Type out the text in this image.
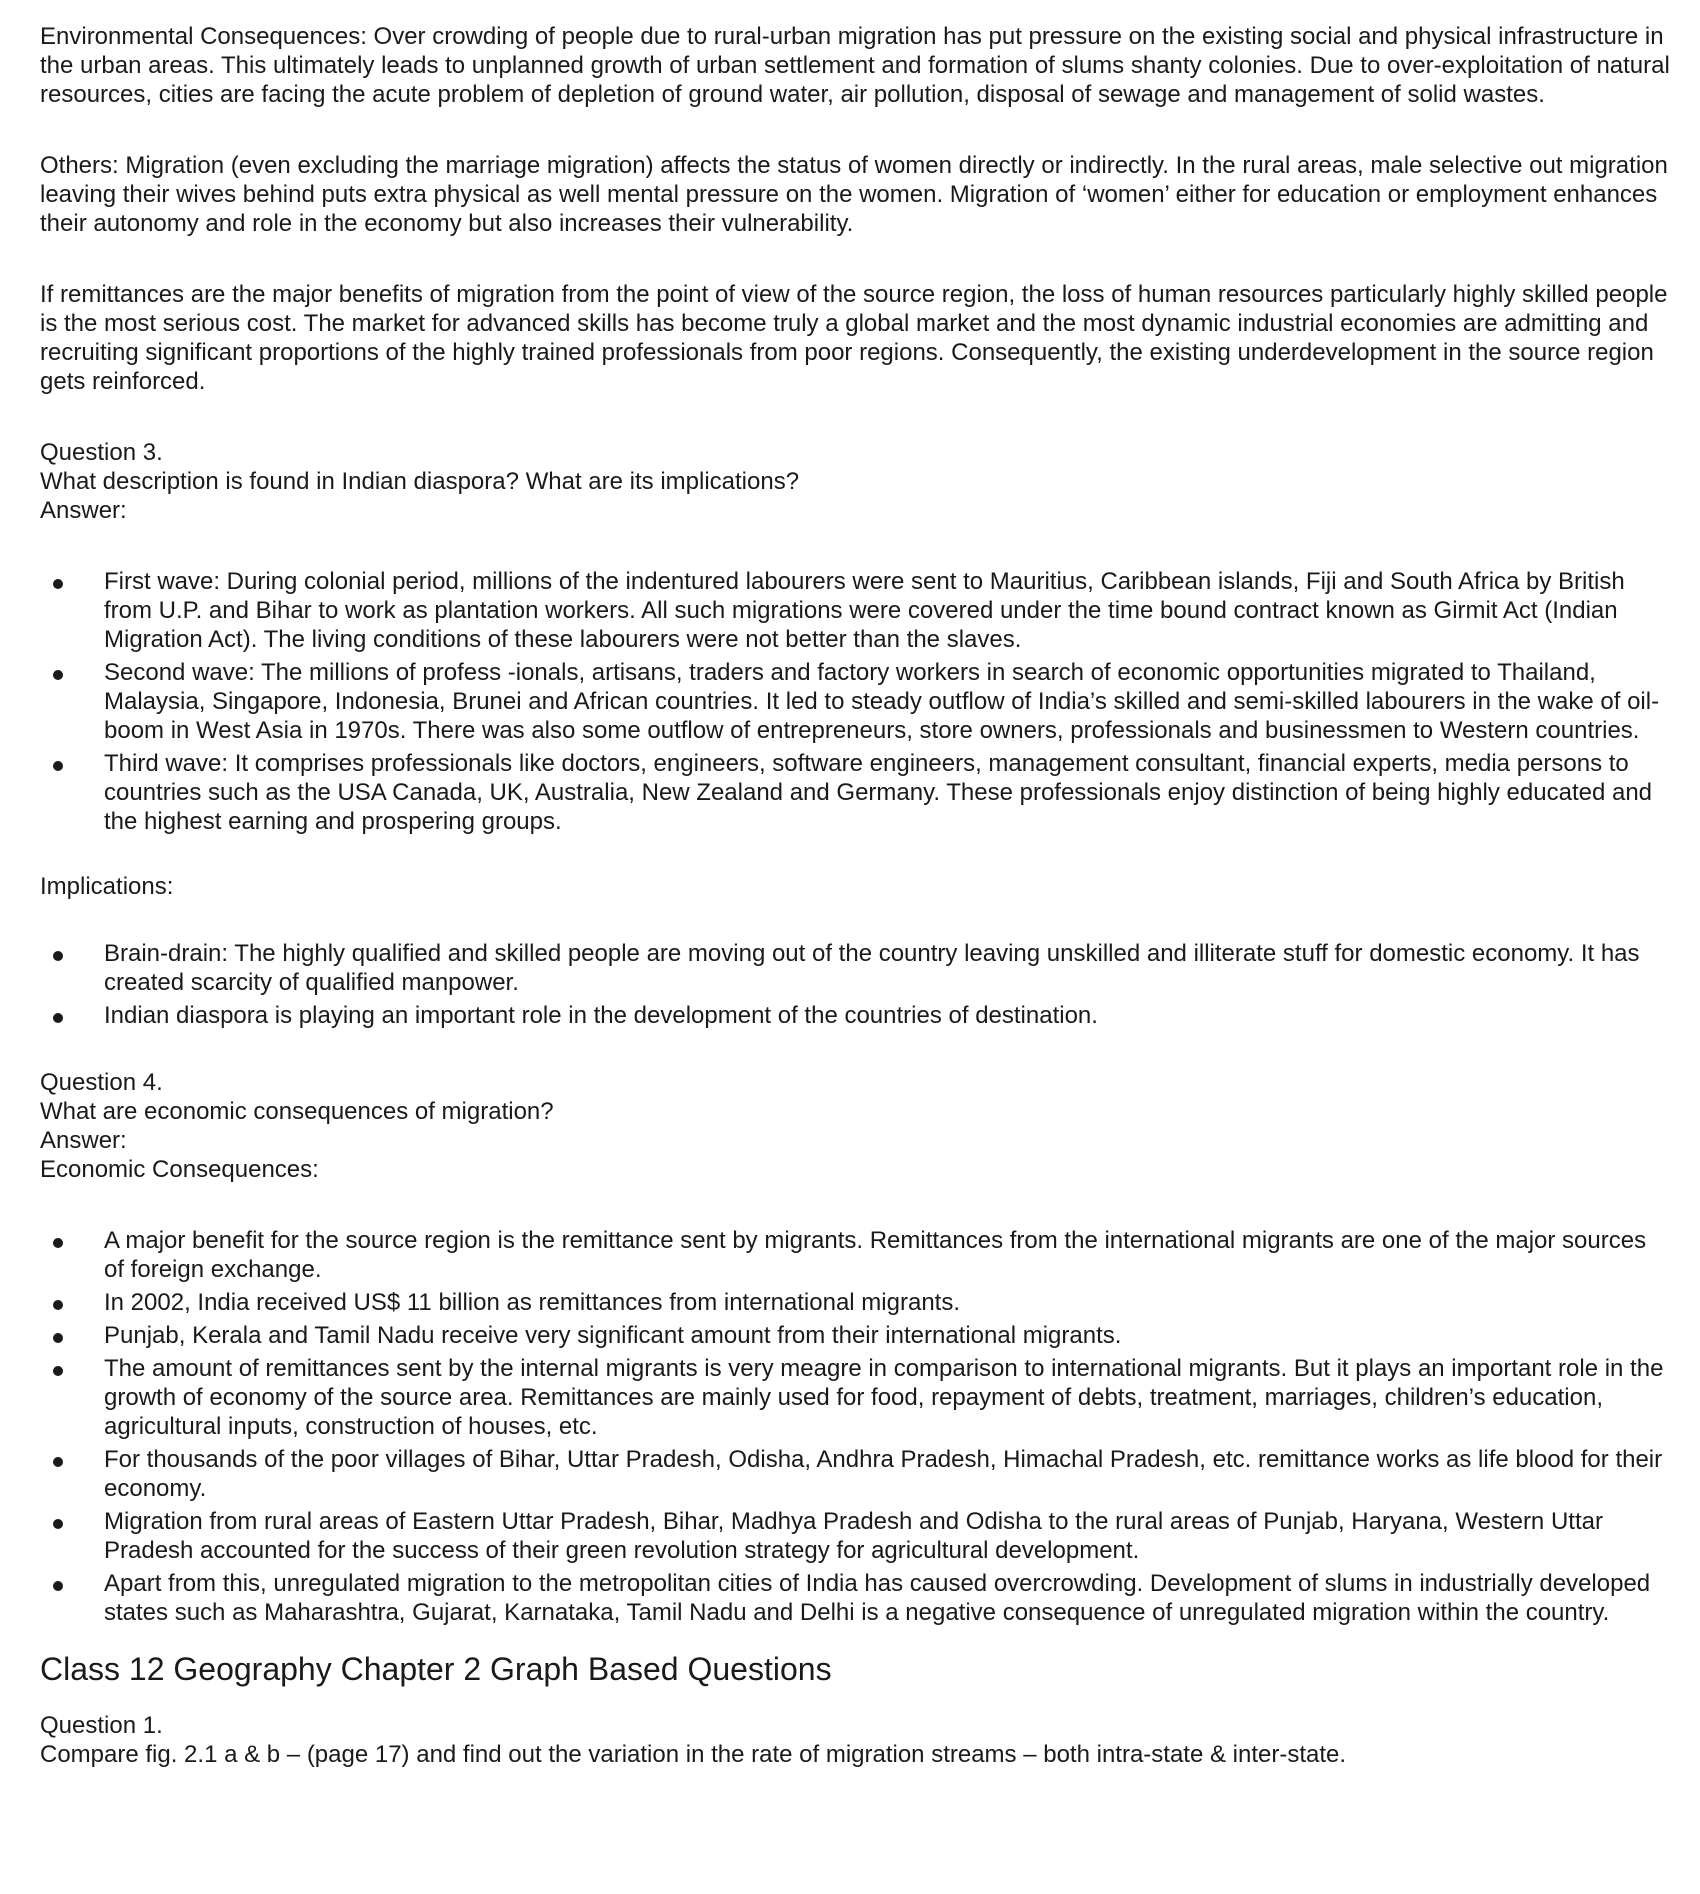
Environmental Consequences: Over crowding of people due to rural-urban migration has put pressure on the existing social and physical infrastructure in the urban areas. This ultimately leads to unplanned growth of urban settlement and formation of slums shanty colonies. Due to over-exploitation of natural resources, cities are facing the acute problem of depletion of ground water, air pollution, disposal of sewage and management of solid wastes.

Others: Migration (even excluding the marriage migration) affects the status of women directly or indirectly. In the rural areas, male selective out migration leaving their wives behind puts extra physical as well mental pressure on the women. Migration of ‘women’ either for education or employment enhances their autonomy and role in the economy but also increases their vulnerability.

If remittances are the major benefits of migration from the point of view of the source region, the loss of human resources particularly highly skilled people is the most serious cost. The market for advanced skills has become truly a global market and the most dynamic industrial economies are admitting and recruiting significant proportions of the highly trained professionals from poor regions. Consequently, the existing underdevelopment in the source region gets reinforced.

Question 3.

What description is found in Indian diaspora? What are its implications?

Answer:

First wave: During colonial period, millions of the indentured labourers were sent to Mauritius, Caribbean islands, Fiji and South Africa by British from U.P. and Bihar to work as plantation workers. All such migrations were covered under the time bound contract known as Girmit Act (Indian Migration Act). The living conditions of these labourers were not better than the slaves.
Second wave: The millions of profess -ionals, artisans, traders and factory workers in search of economic opportunities migrated to Thailand, Malaysia, Singapore, Indonesia, Brunei and African countries. It led to steady outflow of India’s skilled and semi-skilled labourers in the wake of oil-boom in West Asia in 1970s. There was also some outflow of entrepreneurs, store owners, professionals and businessmen to Western countries.
Third wave: It comprises professionals like doctors, engineers, software engineers, management consultant, financial experts, media persons to countries such as the USA Canada, UK, Australia, New Zealand and Germany. These professionals enjoy distinction of being highly educated and the highest earning and prospering groups.

Implications:

Brain-drain: The highly qualified and skilled people are moving out of the country leaving unskilled and illiterate stuff for domestic economy. It has created scarcity of qualified manpower.
Indian diaspora is playing an important role in the development of the countries of destination.

Question 4.

What are economic consequences of migration?

Answer:

Economic Consequences:

A major benefit for the source region is the remittance sent by migrants. Remittances from the international migrants are one of the major sources of foreign exchange.
In 2002, India received US$ 11 billion as remittances from international migrants.
Punjab, Kerala and Tamil Nadu receive very significant amount from their international migrants.
The amount of remittances sent by the internal migrants is very meagre in comparison to international migrants. But it plays an important role in the growth of economy of the source area. Remittances are mainly used for food, repayment of debts, treatment, marriages, children’s education, agricultural inputs, construction of houses, etc.
For thousands of the poor villages of Bihar, Uttar Pradesh, Odisha, Andhra Pradesh, Himachal Pradesh, etc. remittance works as life blood for their economy.
Migration from rural areas of Eastern Uttar Pradesh, Bihar, Madhya Pradesh and Odisha to the rural areas of Punjab, Haryana, Western Uttar Pradesh accounted for the success of their green revolution strategy for agricultural development.
Apart from this, unregulated migration to the metropolitan cities of India has caused overcrowding. Development of slums in industrially developed states such as Maharashtra, Gujarat, Karnataka, Tamil Nadu and Delhi is a negative consequence of unregulated migration within the country.
Class 12 Geography Chapter 2 Graph Based Questions

Question 1.

Compare fig. 2.1 a & b – (page 17) and find out the variation in the rate of migration streams – both intra-state & inter-state.
